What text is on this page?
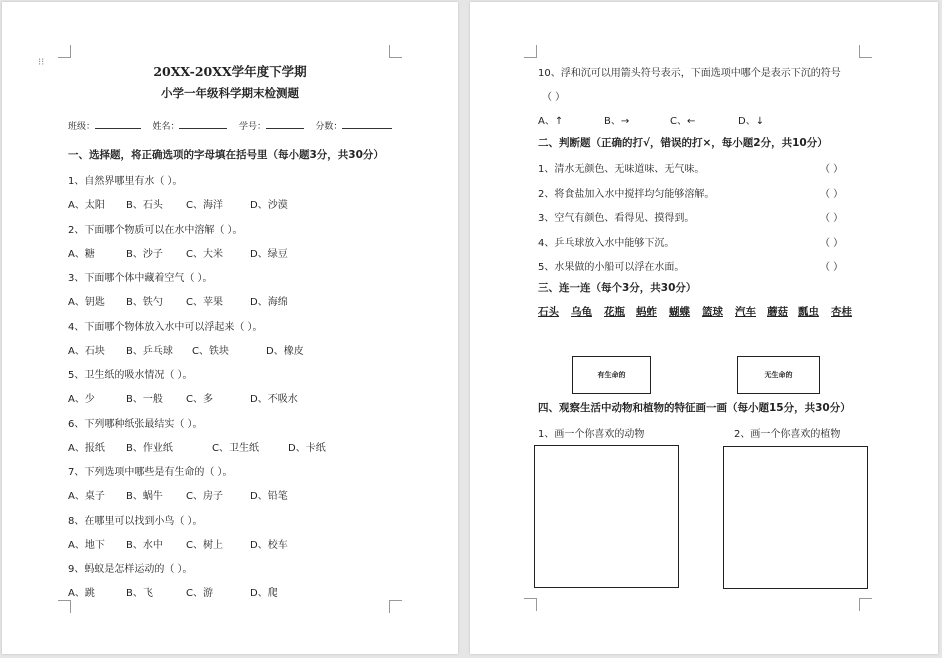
⁝⁝
20XX-20XX学年度下学期
小学一年级科学期末检测题
班级：	姓名：	学号：	分数：
一、选择题，将正确选项的字母填在括号里（每小题3分，共30分）
1、自然界哪里有水（ ）。
A、太阳 B、石头 C、海洋	D、沙漠
2、下面哪个物质可以在水中溶解（ ）。
A、糖	B、沙子 C、大米	D、绿豆
3、下面哪个体中藏着空气（ ）。
A、钥匙 B、铁勺 C、苹果	D、海绵
4、下面哪个物体放入水中可以浮起来（ ）。
A、石块 B、乒乓球 C、铁块	D、橡皮
5、卫生纸的吸水情况（ ）。
A、少	B、一般 C、多	D、不吸水
6、下列哪种纸张最结实（ ）。
A、报纸 B、作业纸	C、卫生纸	D、卡纸
7、下列选项中哪些是有生命的（ ）。
A、桌子 B、蜗牛 C、房子	D、铅笔
8、在哪里可以找到小鸟（ ）。
A、地下 B、水中 C、树上	D、校车
9、蚂蚁是怎样运动的（ ）。
A、跳	B、飞	C、游	D、爬
10、浮和沉可以用箭头符号表示，下面选项中哪个是表示下沉的符号
（ ）
A、↑	B、→	C、←	D、↓
二、判断题（正确的打√，错误的打×，每小题2分，共10分）
1、清水无颜色、无味道味、无气味。	（ ）
2、将食盐加入水中搅拌均匀能够溶解。	（ ）
3、空气有颜色、看得见、摸得到。	（ ）
4、乒乓球放入水中能够下沉。	（ ）
5、水果做的小船可以浮在水面。	（ ）
三、连一连（每个3分，共30分）
石头 乌龟 花瓶 蚂蚱 蝴蝶 篮球 汽车 蘑菇 瓢虫 杏桂
有生命的	无生命的
四、观察生活中动物和植物的特征画一画（每小题15分，共30分）
1、画一个你喜欢的动物	2、画一个你喜欢的植物
